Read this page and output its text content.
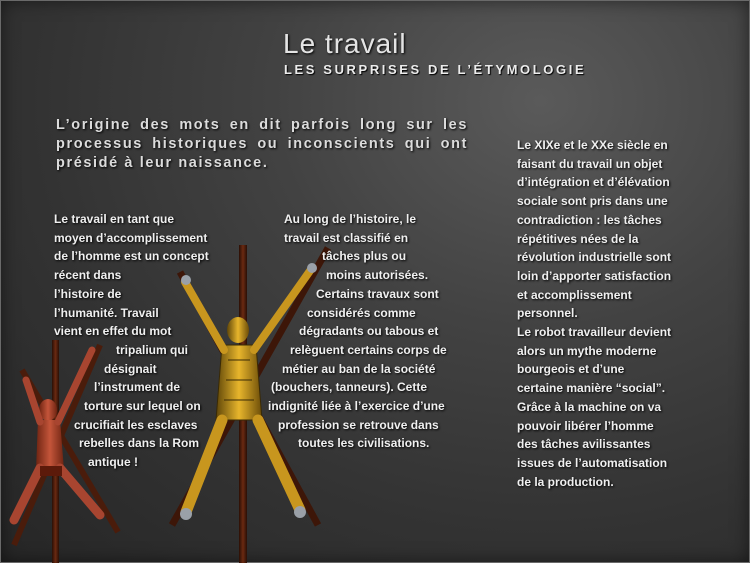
Le travail
LES SURPRISES DE L’ÉTYMOLOGIE

L’origine des mots en dit parfois long sur les processus historiques ou inconscients qui ont présidé à leur naissance.

Le travail en tant que
moyen d’accomplissement
de l’homme est un concept
récent dans
l’histoire de
l’humanité. Travail
vient en effet du mot
tripalium qui
désignait
l’instrument de
torture sur lequel on
crucifiait les esclaves
rebelles dans la Rom
antique !
Au long de l’histoire, le
travail est classifié en
tâches plus ou
moins autorisées.
Certains travaux sont
considérés comme
dégradants ou tabous et
relèguent certains corps de
métier au ban de la société
(bouchers, tanneurs). Cette
indignité liée à l’exercice d’une
profession se retrouve dans
toutes les civilisations.
Le XIXe et le XXe siècle en
faisant du travail un objet
d’intégration et d’élévation
sociale sont pris dans une
contradiction : les tâches
répétitives nées de la
révolution industrielle sont
loin d’apporter satisfaction
et accomplissement
personnel.
Le robot travailleur devient
alors un mythe moderne
bourgeois et d’une
certaine manière “social”.
Grâce à la machine on va
pouvoir libérer l’homme
des tâches avilissantes
issues de l’automatisation
de la production.
